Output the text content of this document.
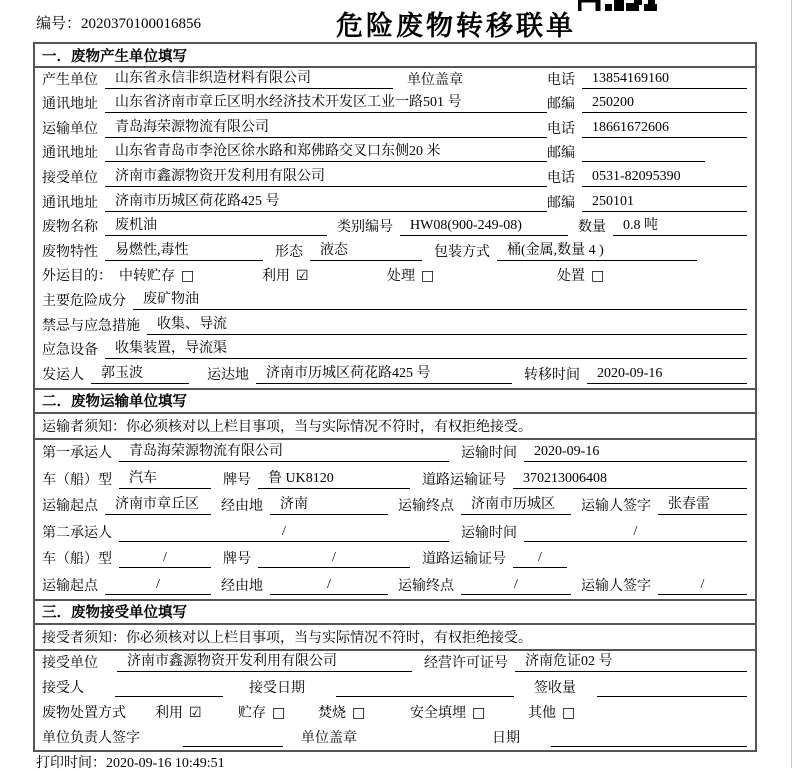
编号：2020370100016856	危险废物转移联单
一．废物产生单位填写
产生单位	山东省永信非织造材料有限公司	单位盖章	电话	13854169160
通讯地址	山东省济南市章丘区明水经济技术开发区工业一路501 号	邮编	250200
运输单位	青岛海荣源物流有限公司	电话	18661672606
通讯地址	山东省青岛市李沧区徐水路和郑佛路交叉口东侧20 米	邮编
接受单位	济南市鑫源物资开发利用有限公司	电话	0531-82095390
通讯地址	济南市历城区荷花路425 号	邮编	250101
废物名称	废机油	类别编号	HW08(900-249-08)	数量	0.8 吨
废物特性	易燃性,毒性	形态	液态	包装方式	桶(金属,数量 4 )
外运目的： 中转贮存 □	利用 ☑	处理 □	处置 □
主要危险成分	废矿物油
禁忌与应急措施	收集、导流
应急设备	收集装置，导流渠
发运人	郭玉波	运达地	济南市历城区荷花路425 号	转移时间	2020-09-16
二．废物运输单位填写
运输者须知：你必须核对以上栏目事项，当与实际情况不符时，有权拒绝接受。
第一承运人	青岛海荣源物流有限公司	运输时间	2020-09-16
车（船）型	汽车	牌号	鲁 UK8120	道路运输证号	370213006408
运输起点	济南市章丘区	经由地	济南	运输终点	济南市历城区	运输人签字	张春雷
第二承运人	/	运输时间	/
车（船）型	/	牌号	/	道路运输证号	/
运输起点	/	经由地	/	运输终点	/	运输人签字	/
三．废物接受单位填写
接受者须知：你必须核对以上栏目事项，当与实际情况不符时，有权拒绝接受。
接受单位	济南市鑫源物资开发利用有限公司	经营许可证号	济南危证02 号
接受人	接受日期	签收量
废物处置方式 利用 ☑	贮存 □	焚烧 □	安全填埋 □	其他 □
单位负责人签字	单位盖章	日期
打印时间：2020-09-16 10:49:51
